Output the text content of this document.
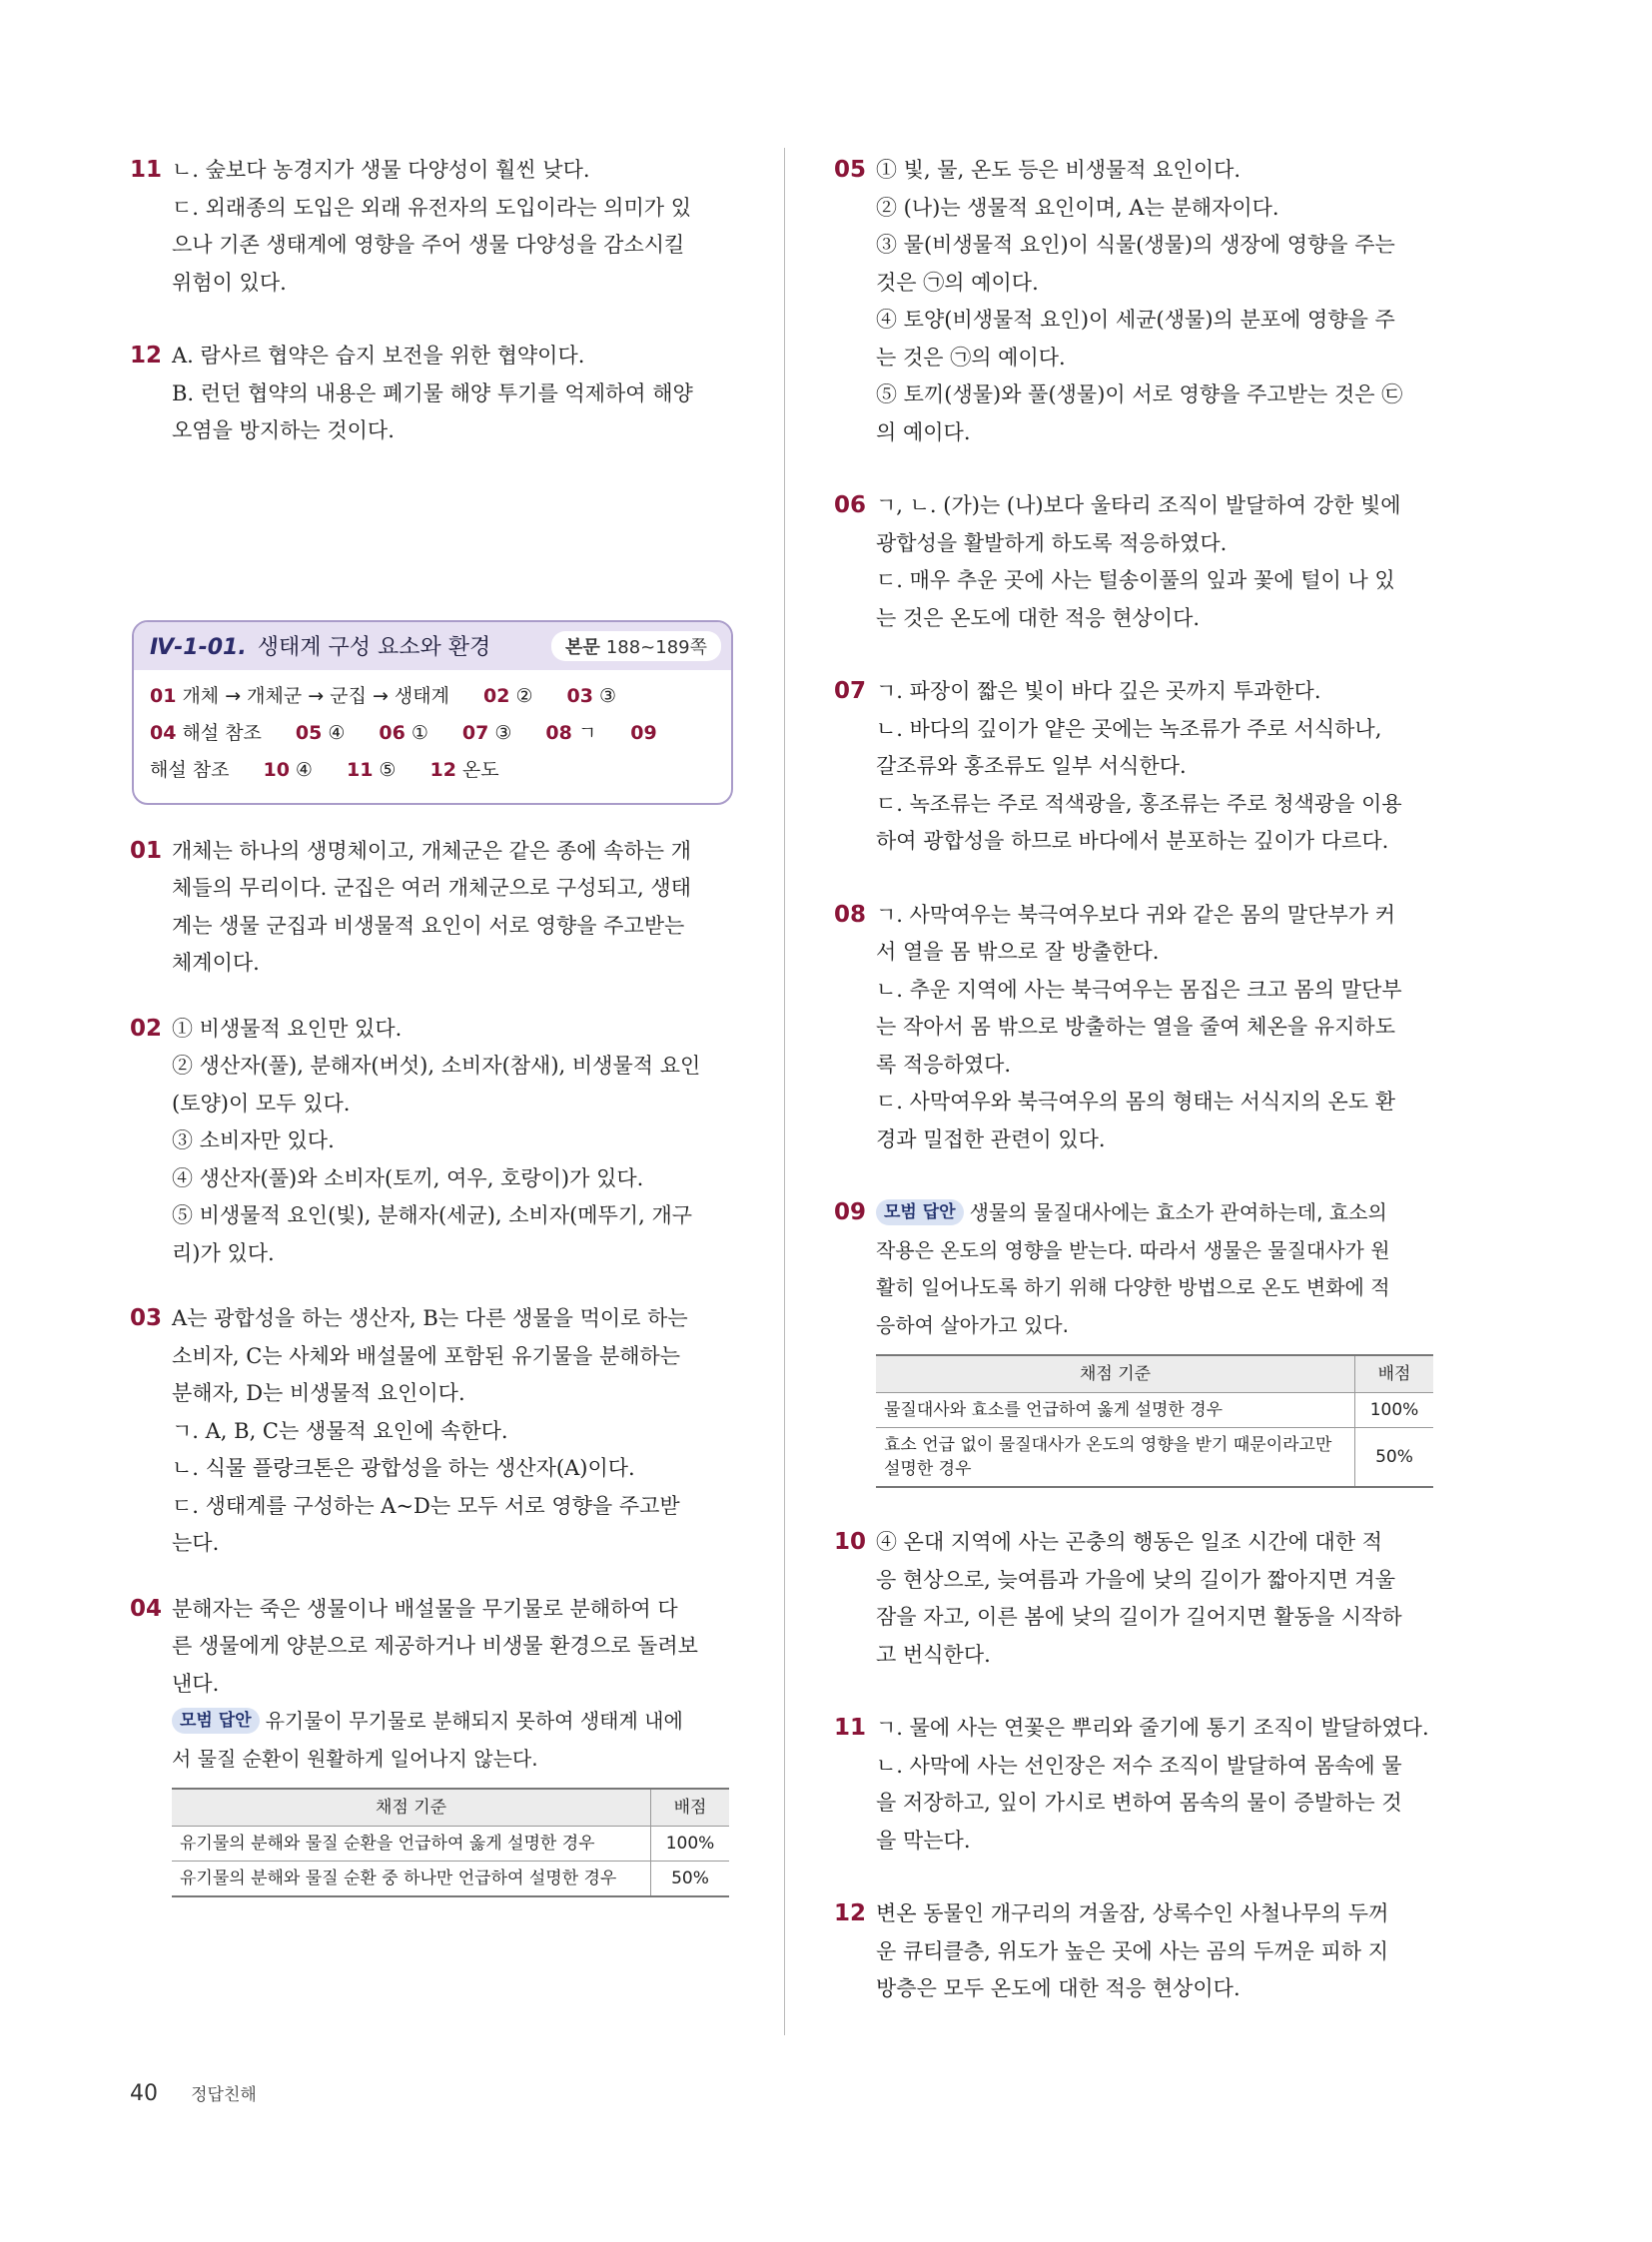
11 ㄴ. 숲보다 농경지가 생물 다양성이 훨씬 낮다.
ㄷ. 외래종의 도입은 외래 유전자의 도입이라는 의미가 있
으나 기존 생태계에 영향을 주어 생물 다양성을 감소시킬
위험이 있다.
12 A. 람사르 협약은 습지 보전을 위한 협약이다.
B. 런던 협약의 내용은 폐기물 해양 투기를 억제하여 해양
오염을 방지하는 것이다.
Ⅳ-1-01. 생태계 구성 요소와 환경	본문 188~189쪽
01 개체 → 개체군 → 군집 → 생태계 02 ② 03 ③
04 해설 참조 05 ④ 06 ① 07 ③ 08 ㄱ 09
해설 참조 10 ④ 11 ⑤ 12 온도
01 개체는 하나의 생명체이고, 개체군은 같은 종에 속하는 개
체들의 무리이다. 군집은 여러 개체군으로 구성되고, 생태
계는 생물 군집과 비생물적 요인이 서로 영향을 주고받는
체계이다.
02 ① 비생물적 요인만 있다.
② 생산자(풀), 분해자(버섯), 소비자(참새), 비생물적 요인
(토양)이 모두 있다.
③ 소비자만 있다.
④ 생산자(풀)와 소비자(토끼, 여우, 호랑이)가 있다.
⑤ 비생물적 요인(빛), 분해자(세균), 소비자(메뚜기, 개구
리)가 있다.
03 A는 광합성을 하는 생산자, B는 다른 생물을 먹이로 하는
소비자, C는 사체와 배설물에 포함된 유기물을 분해하는
분해자, D는 비생물적 요인이다.
ㄱ. A, B, C는 생물적 요인에 속한다.
ㄴ. 식물 플랑크톤은 광합성을 하는 생산자(A)이다.
ㄷ. 생태계를 구성하는 A~D는 모두 서로 영향을 주고받
는다.
04 분해자는 죽은 생물이나 배설물을 무기물로 분해하여 다
른 생물에게 양분으로 제공하거나 비생물 환경으로 돌려보
낸다.
모범 답안 유기물이 무기물로 분해되지 못하여 생태계 내에
서 물질 순환이 원활하게 일어나지 않는다.
채점 기준	배점
유기물의 분해와 물질 순환을 언급하여 옳게 설명한 경우	100%
유기물의 분해와 물질 순환 중 하나만 언급하여 설명한 경우	50%
05 ① 빛, 물, 온도 등은 비생물적 요인이다.
② (나)는 생물적 요인이며, A는 분해자이다.
③ 물(비생물적 요인)이 식물(생물)의 생장에 영향을 주는
것은 ㉠의 예이다.
④ 토양(비생물적 요인)이 세균(생물)의 분포에 영향을 주
는 것은 ㉠의 예이다.
⑤ 토끼(생물)와 풀(생물)이 서로 영향을 주고받는 것은 ㉢
의 예이다.
06 ㄱ, ㄴ. (가)는 (나)보다 울타리 조직이 발달하여 강한 빛에
광합성을 활발하게 하도록 적응하였다.
ㄷ. 매우 추운 곳에 사는 털송이풀의 잎과 꽃에 털이 나 있
는 것은 온도에 대한 적응 현상이다.
07 ㄱ. 파장이 짧은 빛이 바다 깊은 곳까지 투과한다.
ㄴ. 바다의 깊이가 얕은 곳에는 녹조류가 주로 서식하나,
갈조류와 홍조류도 일부 서식한다.
ㄷ. 녹조류는 주로 적색광을, 홍조류는 주로 청색광을 이용
하여 광합성을 하므로 바다에서 분포하는 깊이가 다르다.
08 ㄱ. 사막여우는 북극여우보다 귀와 같은 몸의 말단부가 커
서 열을 몸 밖으로 잘 방출한다.
ㄴ. 추운 지역에 사는 북극여우는 몸집은 크고 몸의 말단부
는 작아서 몸 밖으로 방출하는 열을 줄여 체온을 유지하도
록 적응하였다.
ㄷ. 사막여우와 북극여우의 몸의 형태는 서식지의 온도 환
경과 밀접한 관련이 있다.
09	모범 답안 생물의 물질대사에는 효소가 관여하는데, 효소의
작용은 온도의 영향을 받는다. 따라서 생물은 물질대사가 원
활히 일어나도록 하기 위해 다양한 방법으로 온도 변화에 적
응하여 살아가고 있다.
채점 기준	배점
물질대사와 효소를 언급하여 옳게 설명한 경우	100%
효소 언급 없이 물질대사가 온도의 영향을 받기 때문이라고만 설명한 경우	50%
10 ④ 온대 지역에 사는 곤충의 행동은 일조 시간에 대한 적
응 현상으로, 늦여름과 가을에 낮의 길이가 짧아지면 겨울
잠을 자고, 이른 봄에 낮의 길이가 길어지면 활동을 시작하
고 번식한다.
11 ㄱ. 물에 사는 연꽃은 뿌리와 줄기에 통기 조직이 발달하였다.
ㄴ. 사막에 사는 선인장은 저수 조직이 발달하여 몸속에 물
을 저장하고, 잎이 가시로 변하여 몸속의 물이 증발하는 것
을 막는다.
12 변온 동물인 개구리의 겨울잠, 상록수인 사철나무의 두꺼
운 큐티클층, 위도가 높은 곳에 사는 곰의 두꺼운 피하 지
방층은 모두 온도에 대한 적응 현상이다.
40 정답친해
